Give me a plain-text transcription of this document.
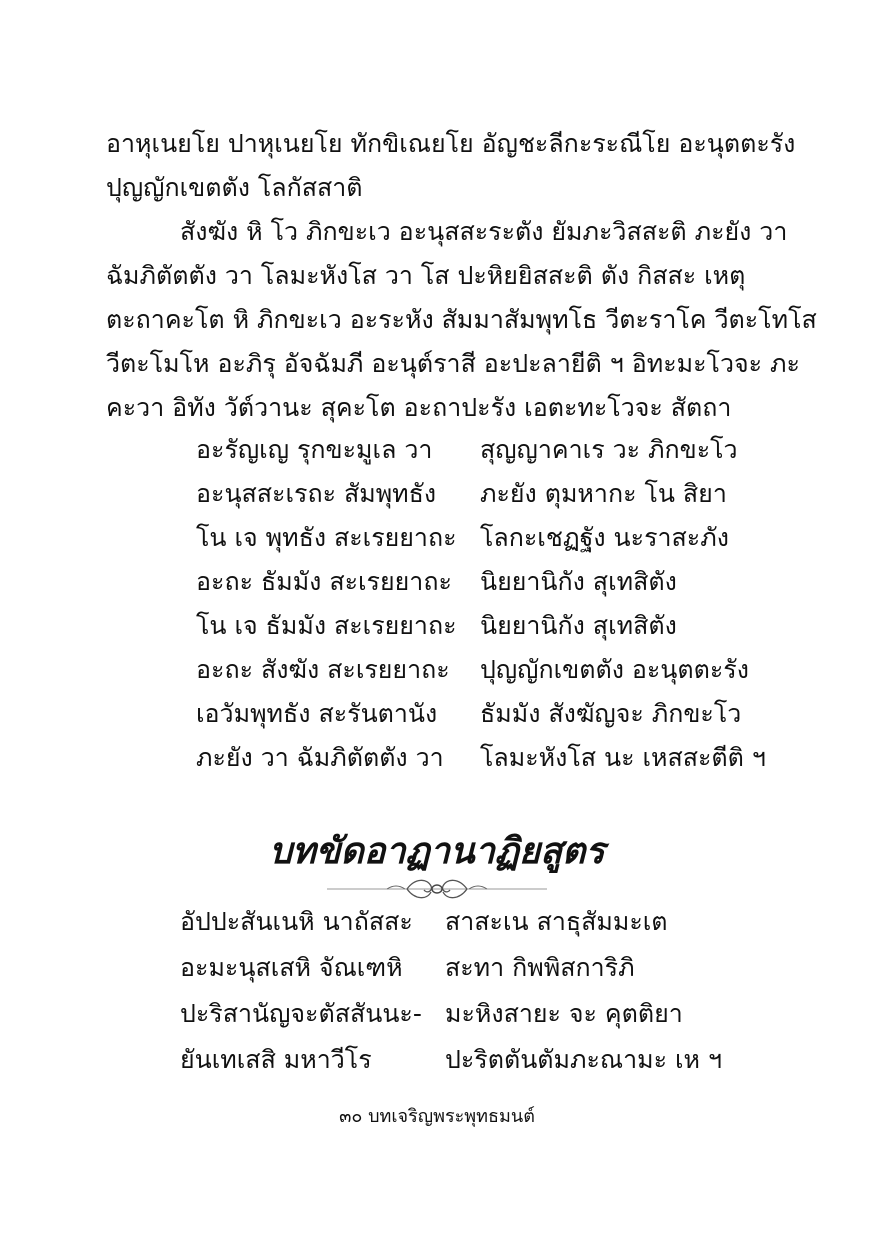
อาหุเนยโย ปาหุเนยโย ทักขิเณยโย อัญชะลีกะระณีโย อะนุตตะรัง
ปุญญักเขตตัง โลกัสสาติ
สังฆัง หิ โว ภิกขะเว อะนุสสะระตัง ยัมภะวิสสะติ ภะยัง วา
ฉัมภิตัตตัง วา โลมะหังโส วา โส ปะหิยยิสสะติ ตัง กิสสะ เหตุ
ตะถาคะโต หิ ภิกขะเว อะระหัง สัมมาสัมพุทโธ วีตะราโค วีตะโทโส
วีตะโมโห อะภิรุ อัจฉัมภี อะนุต์ราสี อะปะลายีติ ฯ อิทะมะโวจะ ภะ
คะวา อิทัง วัต์วานะ สุคะโต อะถาปะรัง เอตะทะโวจะ สัตถา
อะรัญเญ รุกขะมูเล วา สุญญาคาเร วะ ภิกขะโว
อะนุสสะเรถะ สัมพุทธัง ภะยัง ตุมหากะ โน สิยา
โน เจ พุทธัง สะเรยยาถะ โลกะเชฏฐัง นะราสะภัง
อะถะ ธัมมัง สะเรยยาถะ นิยยานิกัง สุเทสิตัง
โน เจ ธัมมัง สะเรยยาถะ นิยยานิกัง สุเทสิตัง
อะถะ สังฆัง สะเรยยาถะ ปุญญักเขตตัง อะนุตตะรัง
เอวัมพุทธัง สะรันตานัง ธัมมัง สังฆัญจะ ภิกขะโว
ภะยัง วา ฉัมภิตัตตัง วา โลมะหังโส นะ เหสสะตีติ ฯ
บทขัดอาฏานาฏิยสูตร
อัปปะสันเนหิ นาถัสสะ สาสะเน สาธุสัมมะเต
อะมะนุสเสหิ จัณเฑหิ สะทา กิพพิสการิภิ
ปะริสานัญจะตัสสันนะ- มะหิงสายะ จะ คุตติยา
ยันเทเสสิ มหาวีโร	ปะริตตันตัมภะณามะ เห ฯ
๓๐ บทเจริญพระพุทธมนต์
